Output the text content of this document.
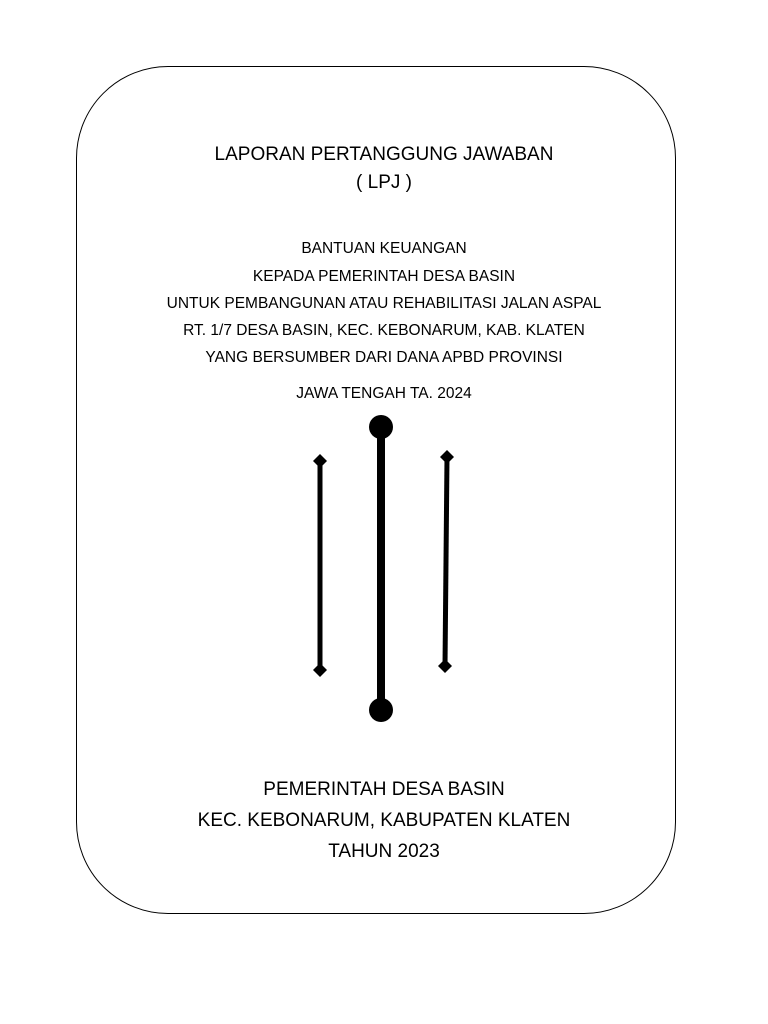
LAPORAN PERTANGGUNG JAWABAN
( LPJ )
BANTUAN KEUANGAN
KEPADA PEMERINTAH DESA BASIN
UNTUK PEMBANGUNAN ATAU REHABILITASI JALAN ASPAL
RT. 1/7 DESA BASIN, KEC. KEBONARUM, KAB. KLATEN
YANG BERSUMBER DARI DANA APBD PROVINSI
JAWA TENGAH TA. 2024
PEMERINTAH DESA BASIN
KEC. KEBONARUM, KABUPATEN KLATEN
TAHUN 2023
